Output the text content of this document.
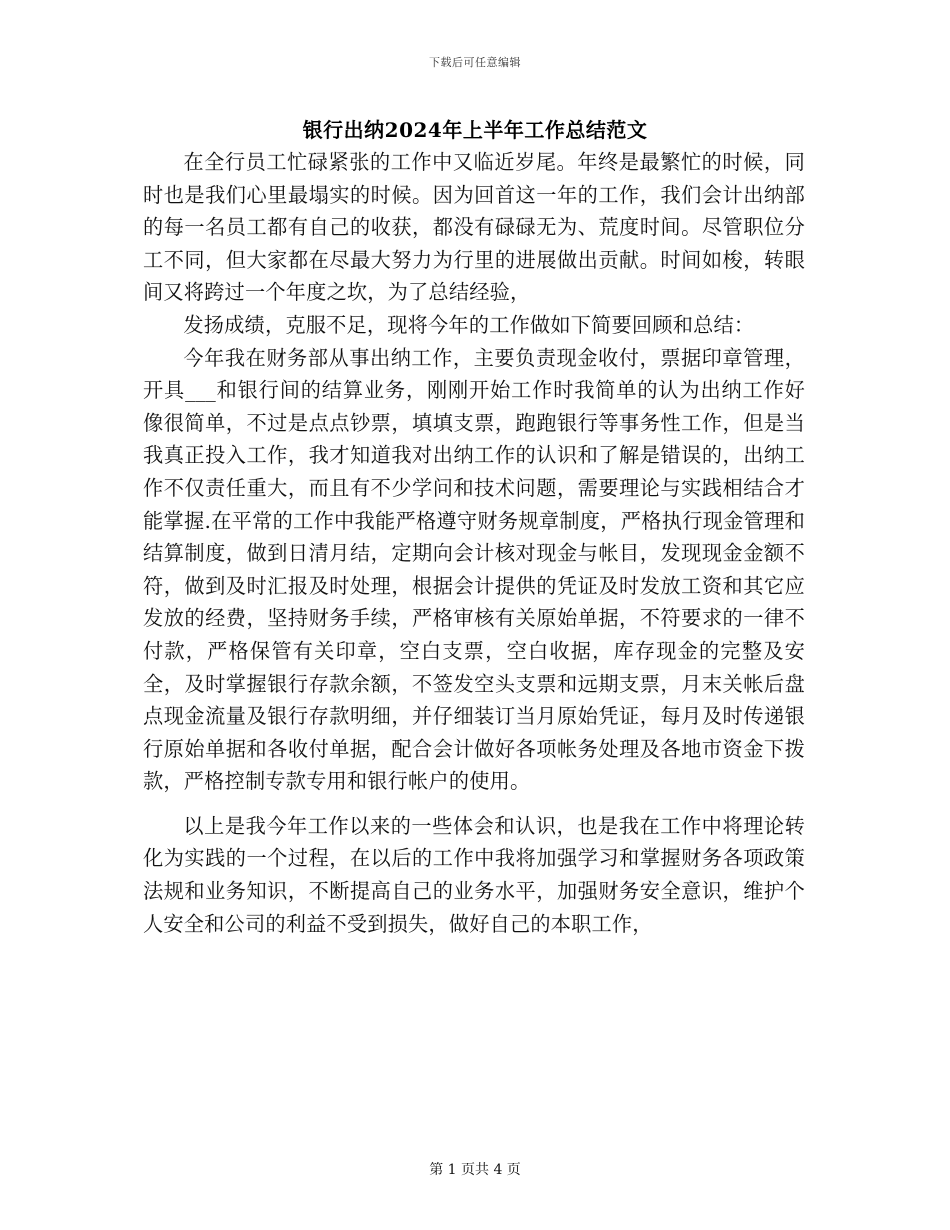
下载后可任意编辑
银行出纳2024年上半年工作总结范文

在全行员工忙碌紧张的工作中又临近岁尾。年终是最繁忙的时候，同时也是我们心里最塌实的时候。因为回首这一年的工作，我们会计出纳部的每一名员工都有自己的收获，都没有碌碌无为、荒度时间。尽管职位分工不同，但大家都在尽最大努力为行里的进展做出贡献。时间如梭，转眼间又将跨过一个年度之坎，为了总结经验，

发扬成绩，克服不足，现将今年的工作做如下简要回顾和总结：

今年我在财务部从事出纳工作，主要负责现金收付，票据印章管理，开具___和银行间的结算业务，刚刚开始工作时我简单的认为出纳工作好像很简单，不过是点点钞票，填填支票，跑跑银行等事务性工作，但是当我真正投入工作，我才知道我对出纳工作的认识和了解是错误的，出纳工作不仅责任重大，而且有不少学问和技术问题，需要理论与实践相结合才能掌握.在平常的工作中我能严格遵守财务规章制度，严格执行现金管理和结算制度，做到日清月结，定期向会计核对现金与帐目，发现现金金额不符，做到及时汇报及时处理，根据会计提供的凭证及时发放工资和其它应发放的经费，坚持财务手续，严格审核有关原始单据，不符要求的一律不付款，严格保管有关印章，空白支票，空白收据，库存现金的完整及安全，及时掌握银行存款余额，不签发空头支票和远期支票，月末关帐后盘点现金流量及银行存款明细，并仔细装订当月原始凭证，每月及时传递银行原始单据和各收付单据，配合会计做好各项帐务处理及各地市资金下拨款，严格控制专款专用和银行帐户的使用。

以上是我今年工作以来的一些体会和认识，也是我在工作中将理论转化为实践的一个过程，在以后的工作中我将加强学习和掌握财务各项政策法规和业务知识，不断提高自己的业务水平，加强财务安全意识，维护个人安全和公司的利益不受到损失，做好自己的本职工作，

第 1 页共 4 页
